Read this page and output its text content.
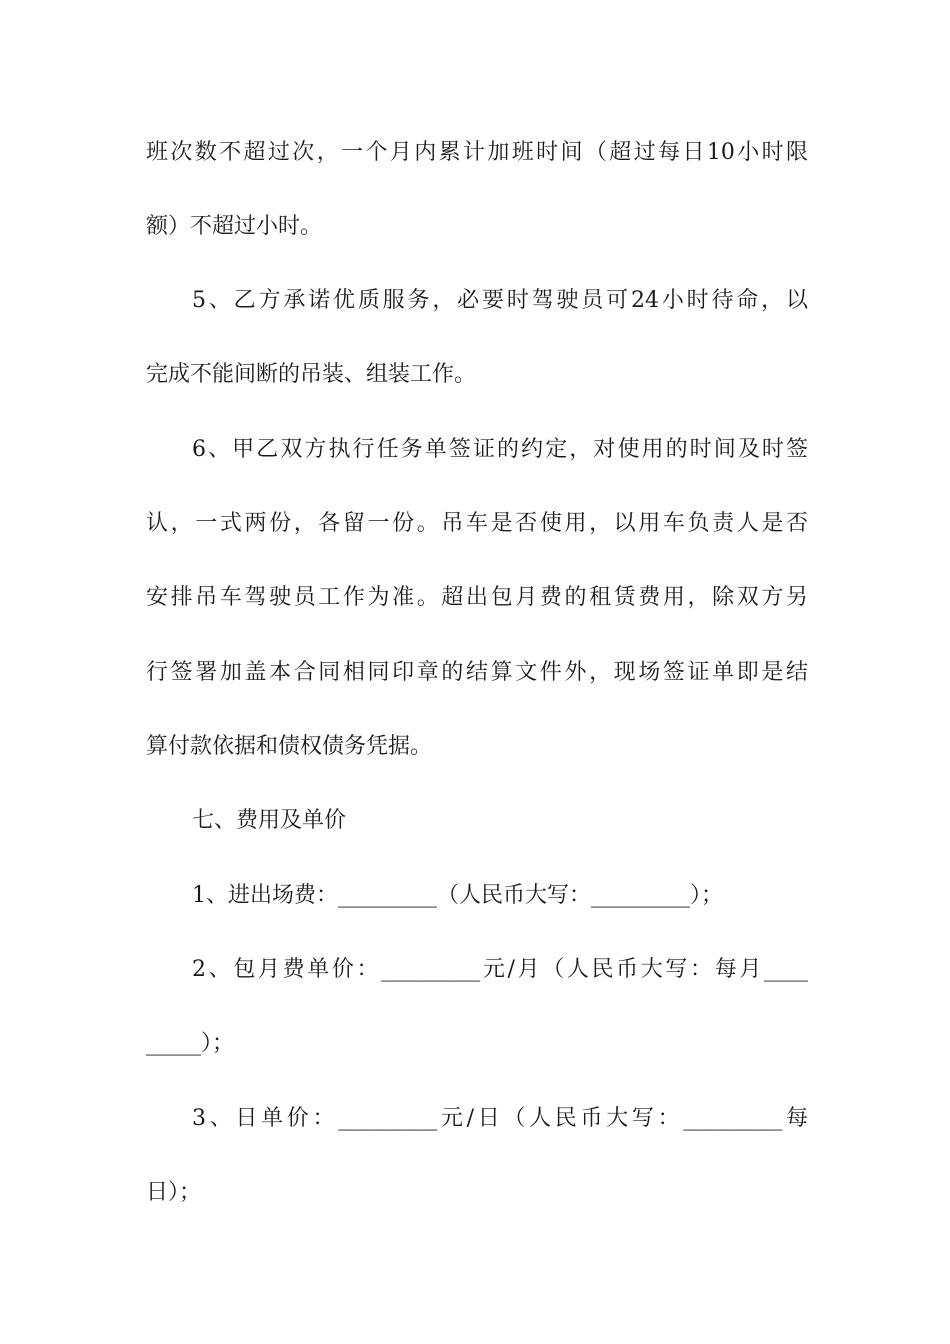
班次数不超过次，一个月内累计加班时间（超过每日10小时限
额）不超过小时。
5、乙方承诺优质服务，必要时驾驶员可24小时待命，以
完成不能间断的吊装、组装工作。
6、甲乙双方执行任务单签证的约定，对使用的时间及时签
认，一式两份，各留一份。吊车是否使用，以用车负责人是否
安排吊车驾驶员工作为准。超出包月费的租赁费用，除双方另
行签署加盖本合同相同印章的结算文件外，现场签证单即是结
算付款依据和债权债务凭据。
七、费用及单价
1、进出场费：_________（人民币大写：_________）；
2、包月费单价：_________元/月（人民币大写：每月____
_____）；
3、日单价：_________元/日（人民币大写：_________每
日）；
